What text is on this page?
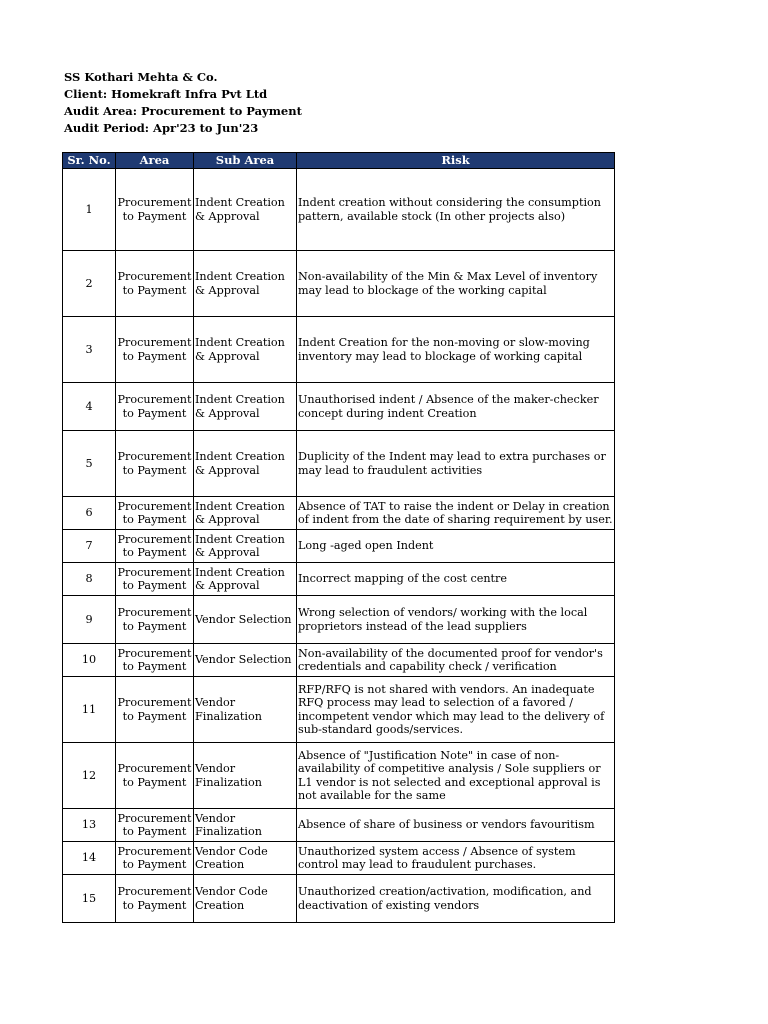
SS Kothari Mehta & Co.
Client: Homekraft Infra Pvt Ltd
Audit Area: Procurement to Payment
Audit Period: Apr'23 to Jun'23
Sr. No.	Area	Sub Area	Risk
1	Procurement to Payment	Indent Creation & Approval	Indent creation without considering the consumption pattern, available stock (In other projects also)
2	Procurement to Payment	Indent Creation & Approval	Non-availability of the Min & Max Level of inventory may lead to blockage of the working capital
3	Procurement to Payment	Indent Creation & Approval	Indent Creation for the non-moving or slow-moving inventory may lead to blockage of working capital
4	Procurement to Payment	Indent Creation & Approval	Unauthorised indent / Absence of the maker-checker concept during indent Creation
5	Procurement to Payment	Indent Creation & Approval	Duplicity of the Indent may lead to extra purchases or may lead to fraudulent activities
6	Procurement to Payment	Indent Creation & Approval	Absence of TAT to raise the indent or Delay in creation of indent from the date of sharing requirement by user.
7	Procurement to Payment	Indent Creation & Approval	Long -aged open Indent
8	Procurement to Payment	Indent Creation & Approval	Incorrect mapping of the cost centre
9	Procurement to Payment	Vendor Selection	Wrong selection of vendors/ working with the local proprietors instead of the lead suppliers
10	Procurement to Payment	Vendor Selection	Non-availability of the documented proof for vendor's credentials and capability check / verification
11	Procurement to Payment	Vendor Finalization	RFP/RFQ is not shared with vendors. An inadequate RFQ process may lead to selection of a favored / incompetent vendor which may lead to the delivery of sub-standard goods/services.
12	Procurement to Payment	Vendor Finalization	Absence of "Justification Note" in case of non-availability of competitive analysis / Sole suppliers or L1 vendor is not selected and exceptional approval is not available for the same
13	Procurement to Payment	Vendor Finalization	Absence of share of business or vendors favouritism
14	Procurement to Payment	Vendor Code Creation	Unauthorized system access / Absence of system control may lead to fraudulent purchases.
15	Procurement to Payment	Vendor Code Creation	Unauthorized creation/activation, modification, and deactivation of existing vendors
